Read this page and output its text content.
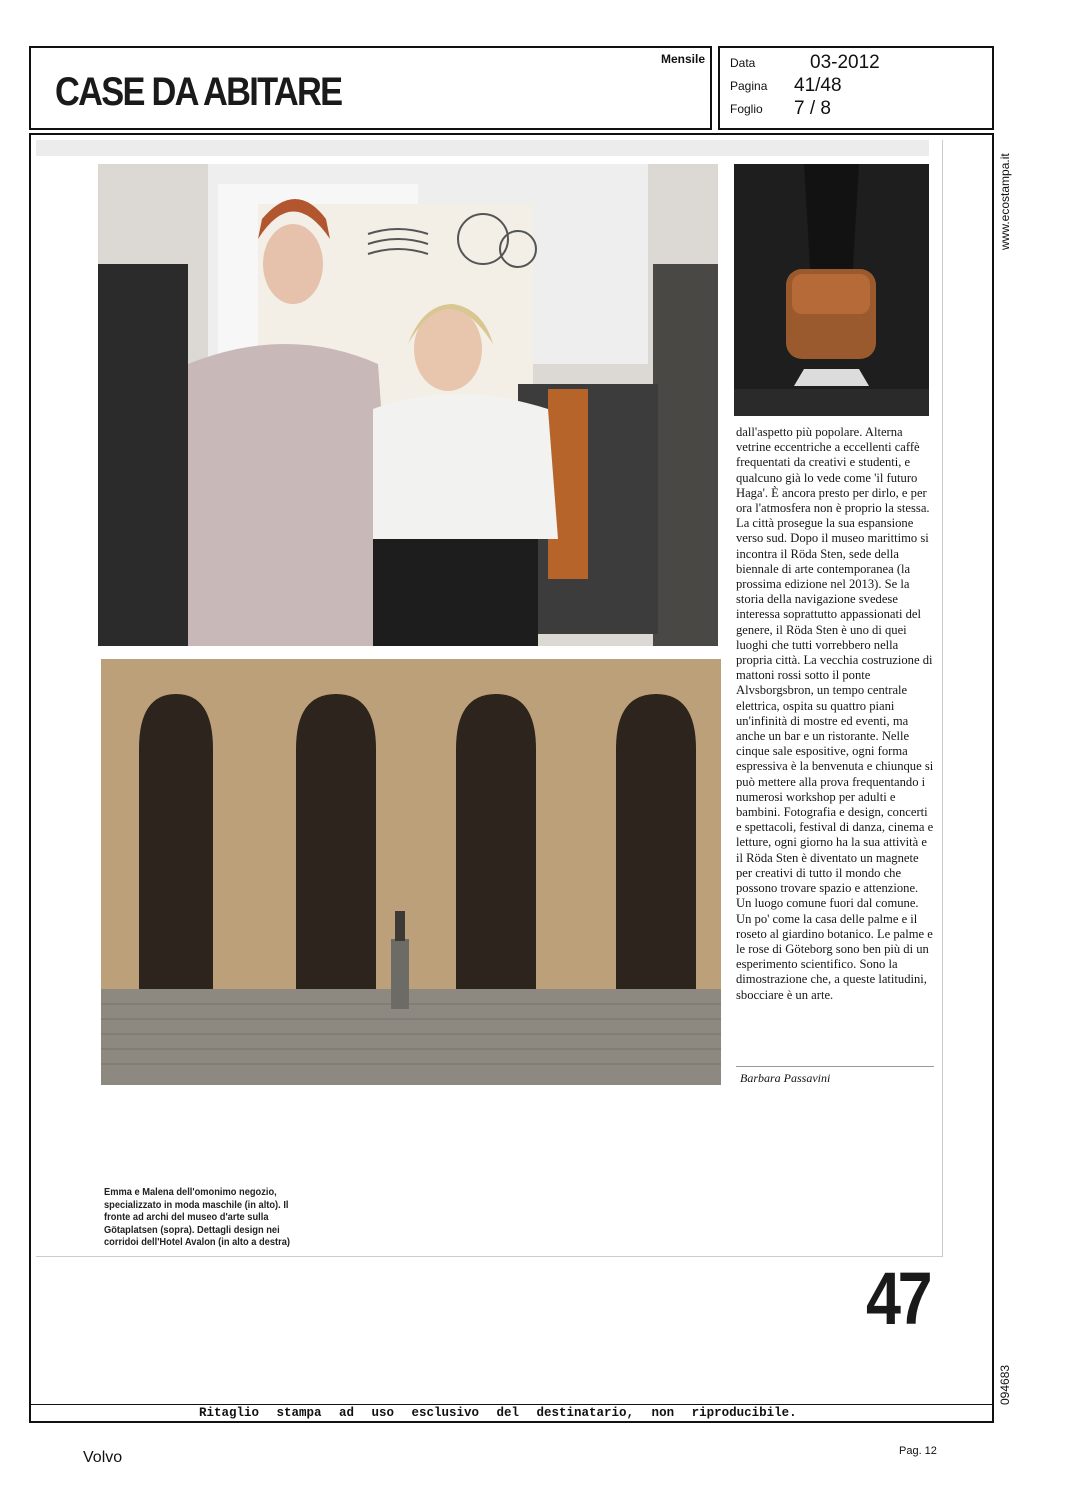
CASE DA ABITARE
Mensile Data	03-2012
Pagina 41/48
Foglio 7 / 8
www.ecostampa.it
094683
dall'aspetto più popolare. Alterna vetrine eccentriche a eccellenti caffè frequentati da creativi e studenti, e qualcuno già lo vede come 'il futuro Haga'. È ancora presto per dirlo, e per ora l'atmosfera non è proprio la stessa. La città prosegue la sua espansione verso sud. Dopo il museo marittimo si incontra il Röda Sten, sede della biennale di arte contemporanea (la prossima edizione nel 2013). Se la storia della navigazione svedese interessa soprattutto appassionati del genere, il Röda Sten è uno di quei luoghi che tutti vorrebbero nella propria città. La vecchia costruzione di mattoni rossi sotto il ponte Alvsborgsbron, un tempo centrale elettrica, ospita su quattro piani un'infinità di mostre ed eventi, ma anche un bar e un ristorante. Nelle cinque sale espositive, ogni forma espressiva è la benvenuta e chiunque si può mettere alla prova frequentando i numerosi workshop per adulti e bambini. Fotografia e design, concerti e spettacoli, festival di danza, cinema e letture, ogni giorno ha la sua attività e il Röda Sten è diventato un magnete per creativi di tutto il mondo che possono trovare spazio e attenzione. Un luogo comune fuori dal comune. Un po' come la casa delle palme e il roseto al giardino botanico. Le palme e le rose di Göteborg sono ben più di un esperimento scientifico. Sono la dimostrazione che, a queste latitudini, sbocciare è un arte.
Barbara Passavini
Emma e Malena dell'omonimo negozio, specializzato in moda maschile (in alto). Il fronte ad archi del museo d'arte sulla Götaplatsen (sopra). Dettagli design nei corridoi dell'Hotel Avalon (in alto a destra)
47
Ritaglio stampa ad uso esclusivo del destinatario, non riproducibile.
Volvo	Pag. 12
